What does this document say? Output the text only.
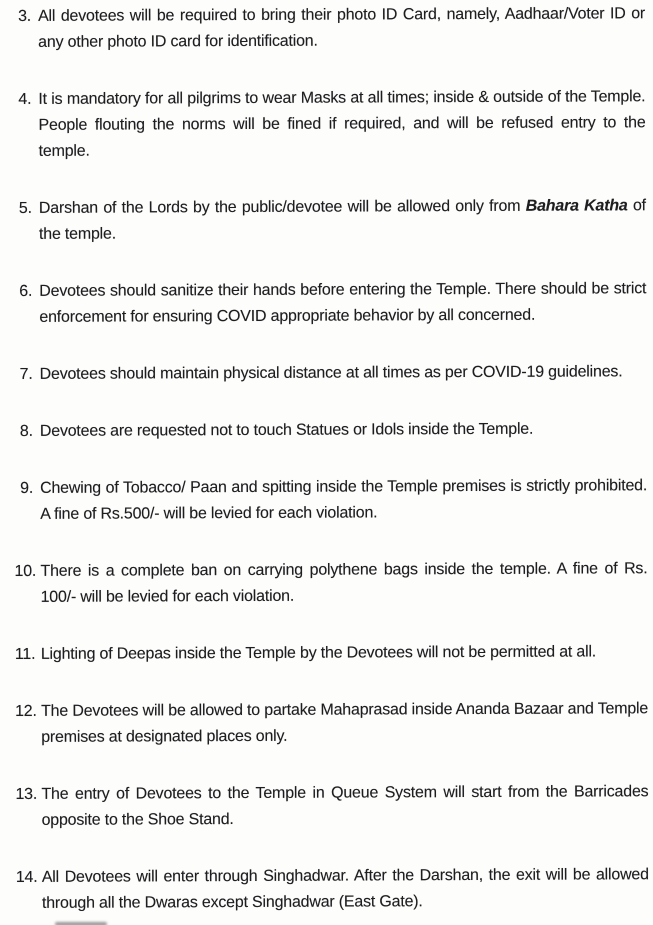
3. All devotees will be required to bring their photo ID Card, namely, Aadhaar/Voter ID or any other photo ID card for identification.
4. It is mandatory for all pilgrims to wear Masks at all times; inside & outside of the Temple. People flouting the norms will be fined if required, and will be refused entry to the temple.
5. Darshan of the Lords by the public/devotee will be allowed only from Bahara Katha of the temple.
6. Devotees should sanitize their hands before entering the Temple. There should be strict enforcement for ensuring COVID appropriate behavior by all concerned.
7. Devotees should maintain physical distance at all times as per COVID-19 guidelines.
8. Devotees are requested not to touch Statues or Idols inside the Temple.
9. Chewing of Tobacco/ Paan and spitting inside the Temple premises is strictly prohibited. A fine of Rs.500/- will be levied for each violation.
10. There is a complete ban on carrying polythene bags inside the temple. A fine of Rs. 100/- will be levied for each violation.
11. Lighting of Deepas inside the Temple by the Devotees will not be permitted at all.
12. The Devotees will be allowed to partake Mahaprasad inside Ananda Bazaar and Temple premises at designated places only.
13. The entry of Devotees to the Temple in Queue System will start from the Barricades opposite to the Shoe Stand.
14. All Devotees will enter through Singhadwar. After the Darshan, the exit will be allowed through all the Dwaras except Singhadwar (East Gate).
